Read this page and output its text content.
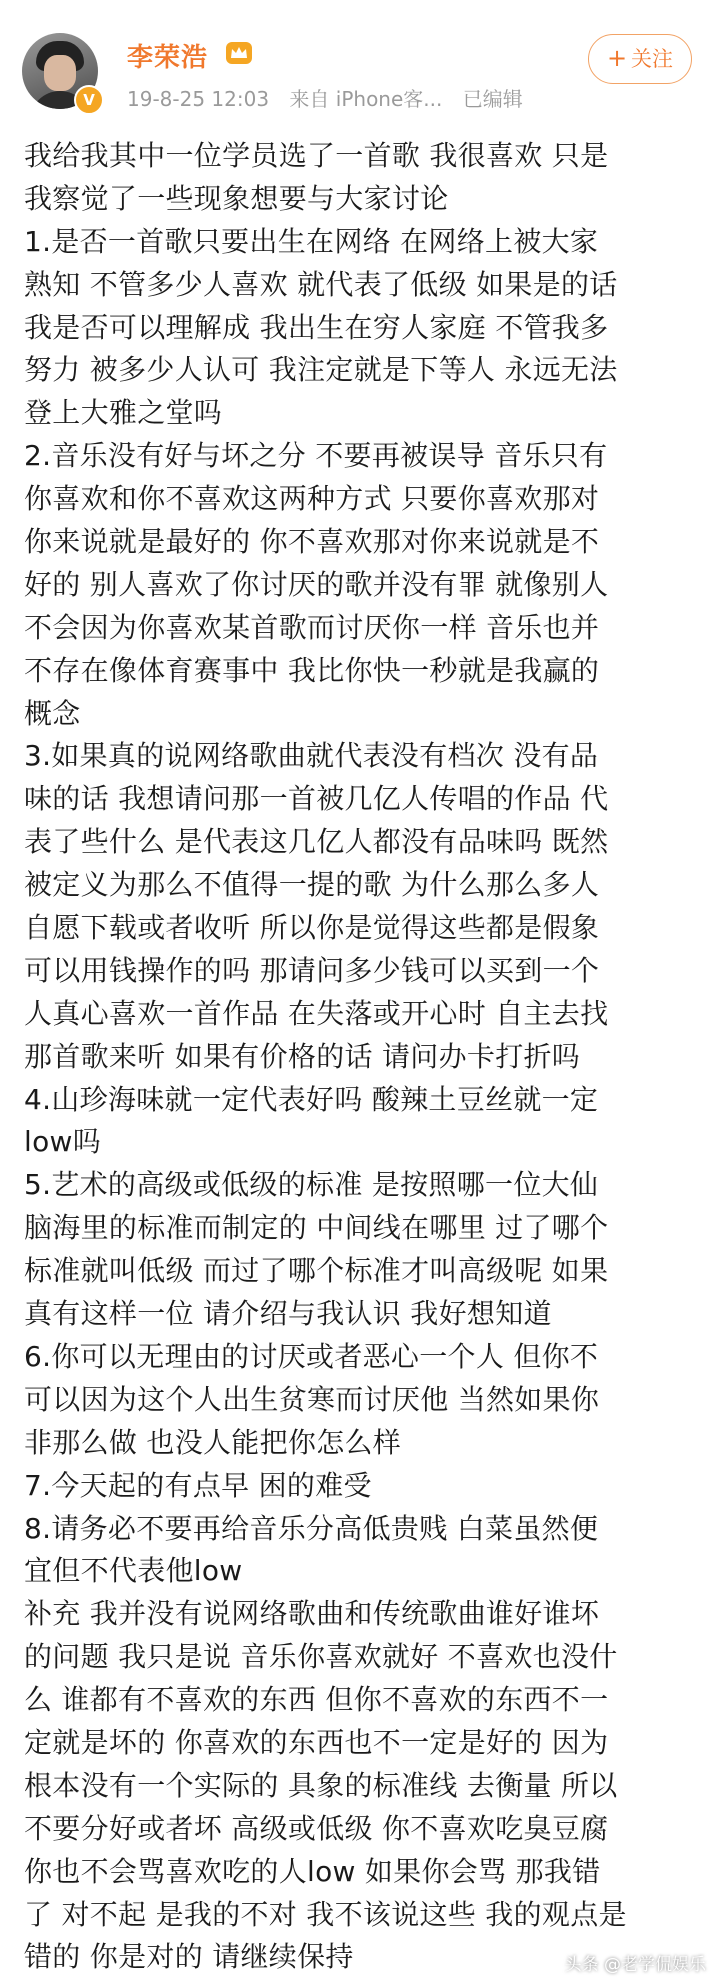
V
李荣浩
19-8-25 12:03 来自 iPhone客... 已编辑
+ 关注
我给我其中一位学员选了一首歌 我很喜欢 只是
我察觉了一些现象想要与大家讨论
1.是否一首歌只要出生在网络 在网络上被大家
熟知 不管多少人喜欢 就代表了低级 如果是的话
我是否可以理解成 我出生在穷人家庭 不管我多
努力 被多少人认可 我注定就是下等人 永远无法
登上大雅之堂吗
2.音乐没有好与坏之分 不要再被误导 音乐只有
你喜欢和你不喜欢这两种方式 只要你喜欢那对
你来说就是最好的 你不喜欢那对你来说就是不
好的 别人喜欢了你讨厌的歌并没有罪 就像别人
不会因为你喜欢某首歌而讨厌你一样 音乐也并
不存在像体育赛事中 我比你快一秒就是我赢的
概念
3.如果真的说网络歌曲就代表没有档次 没有品
味的话 我想请问那一首被几亿人传唱的作品 代
表了些什么 是代表这几亿人都没有品味吗 既然
被定义为那么不值得一提的歌 为什么那么多人
自愿下载或者收听 所以你是觉得这些都是假象
可以用钱操作的吗 那请问多少钱可以买到一个
人真心喜欢一首作品 在失落或开心时 自主去找
那首歌来听 如果有价格的话 请问办卡打折吗
4.山珍海味就一定代表好吗 酸辣土豆丝就一定
low吗
5.艺术的高级或低级的标准 是按照哪一位大仙
脑海里的标准而制定的 中间线在哪里 过了哪个
标准就叫低级 而过了哪个标准才叫高级呢 如果
真有这样一位 请介绍与我认识 我好想知道
6.你可以无理由的讨厌或者恶心一个人 但你不
可以因为这个人出生贫寒而讨厌他 当然如果你
非那么做 也没人能把你怎么样
7.今天起的有点早 困的难受
8.请务必不要再给音乐分高低贵贱 白菜虽然便
宜但不代表他low
补充 我并没有说网络歌曲和传统歌曲谁好谁坏
的问题 我只是说 音乐你喜欢就好 不喜欢也没什
么 谁都有不喜欢的东西 但你不喜欢的东西不一
定就是坏的 你喜欢的东西也不一定是好的 因为
根本没有一个实际的 具象的标准线 去衡量 所以
不要分好或者坏 高级或低级 你不喜欢吃臭豆腐
你也不会骂喜欢吃的人low 如果你会骂 那我错
了 对不起 是我的不对 我不该说这些 我的观点是
错的 你是对的 请继续保持	头条 @老学侃娱乐
